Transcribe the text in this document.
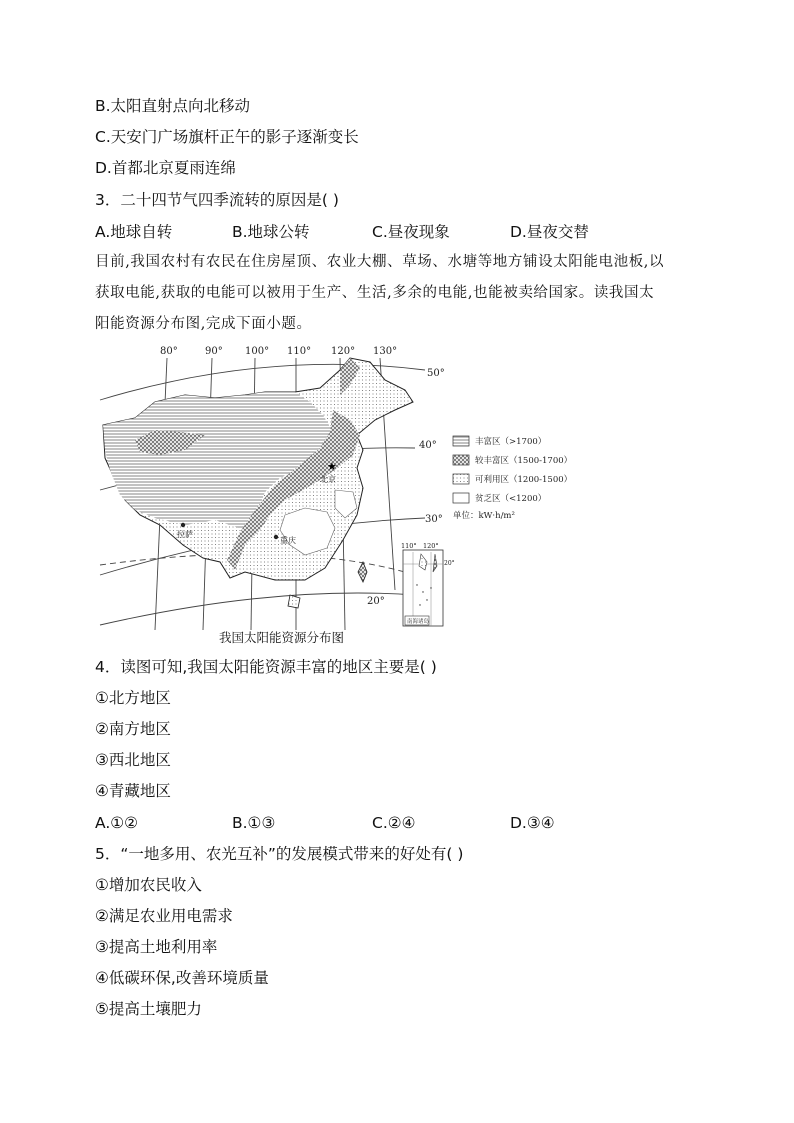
B.太阳直射点向北移动
C.天安门广场旗杆正午的影子逐渐变长
D.首都北京夏雨连绵
3．二十四节气四季流转的原因是( )
A.地球自转	B.地球公转	C.昼夜现象	D.昼夜交替

目前,我国农村有农民在住房屋顶、农业大棚、草场、水塘等地方铺设太阳能电池板,以

获取电能,获取的电能可以被用于生产、生活,多余的电能,也能被卖给国家。读我国太

阳能资源分布图,完成下面小题。

80°	90° 100° 110° 120° 130°
50°
40°
30°
20°
★
北京
拉萨
重庆
丰富区（>1700）
较丰富区（1500-1700）
可利用区（1200-1500）
贫乏区（<1200）
单位：kW·h/m²
110° 120°
20°
南海诸岛
我国太阳能资源分布图
4．读图可知,我国太阳能资源丰富的地区主要是( )
①北方地区
②南方地区
③西北地区
④青藏地区
A.①②	B.①③	C.②④	D.③④
5．“一地多用、农光互补”的发展模式带来的好处有( )
①增加农民收入
②满足农业用电需求
③提高土地利用率
④低碳环保,改善环境质量
⑤提高土壤肥力
